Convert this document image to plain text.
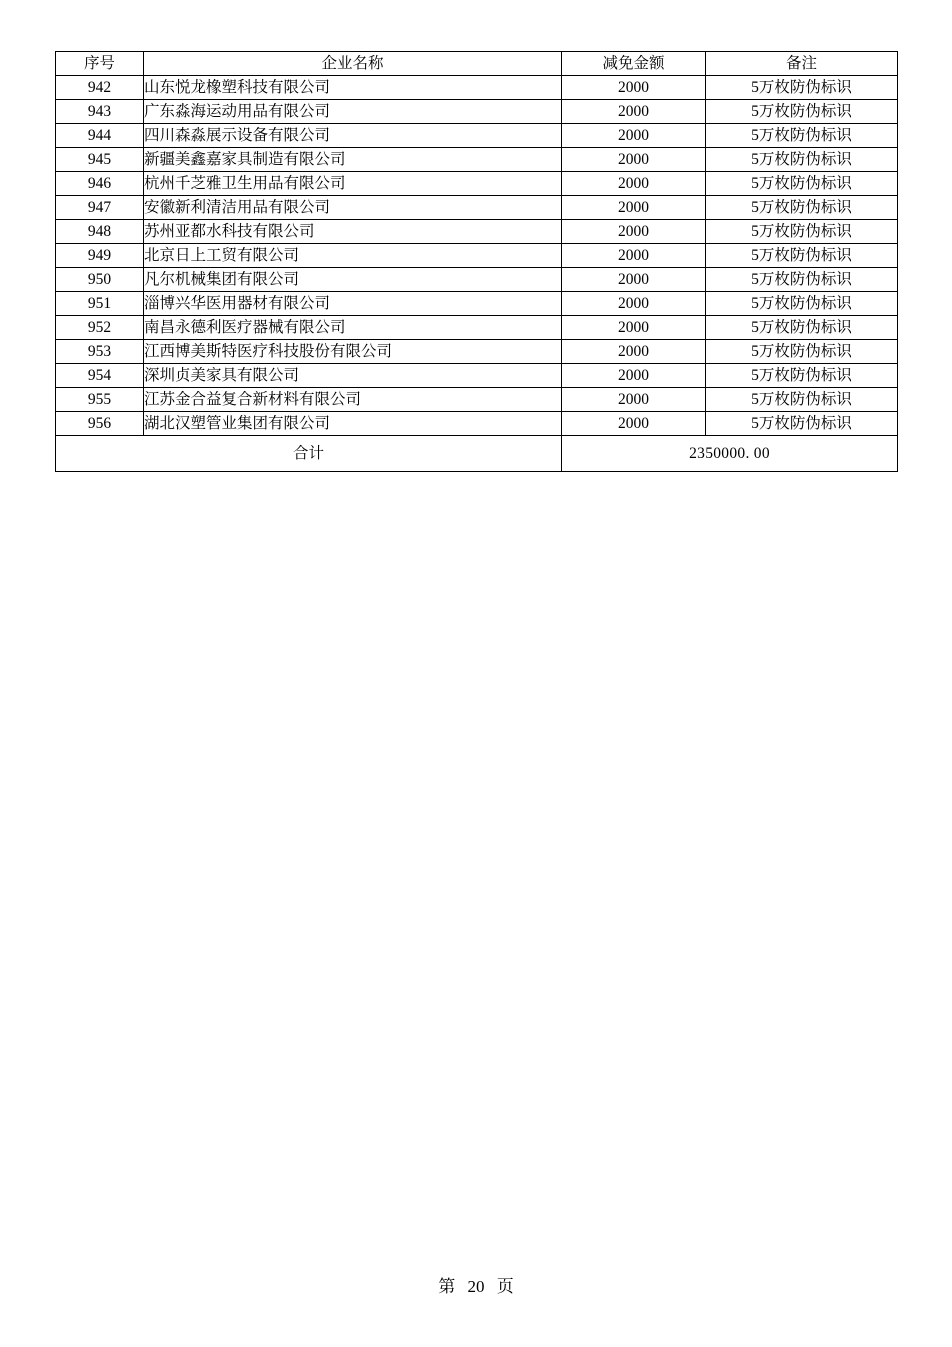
序号	企业名称	减免金额	备注
942	山东悦龙橡塑科技有限公司	2000	5万枚防伪标识
943	广东淼海运动用品有限公司	2000	5万枚防伪标识
944	四川森淼展示设备有限公司	2000	5万枚防伪标识
945	新疆美鑫嘉家具制造有限公司	2000	5万枚防伪标识
946	杭州千芝雅卫生用品有限公司	2000	5万枚防伪标识
947	安徽新利清洁用品有限公司	2000	5万枚防伪标识
948	苏州亚都水科技有限公司	2000	5万枚防伪标识
949	北京日上工贸有限公司	2000	5万枚防伪标识
950	凡尔机械集团有限公司	2000	5万枚防伪标识
951	淄博兴华医用器材有限公司	2000	5万枚防伪标识
952	南昌永德利医疗器械有限公司	2000	5万枚防伪标识
953	江西博美斯特医疗科技股份有限公司	2000	5万枚防伪标识
954	深圳贞美家具有限公司	2000	5万枚防伪标识
955	江苏金合益复合新材料有限公司	2000	5万枚防伪标识
956	湖北汉塑管业集团有限公司	2000	5万枚防伪标识
合计		2350000. 00	
第 20 页
